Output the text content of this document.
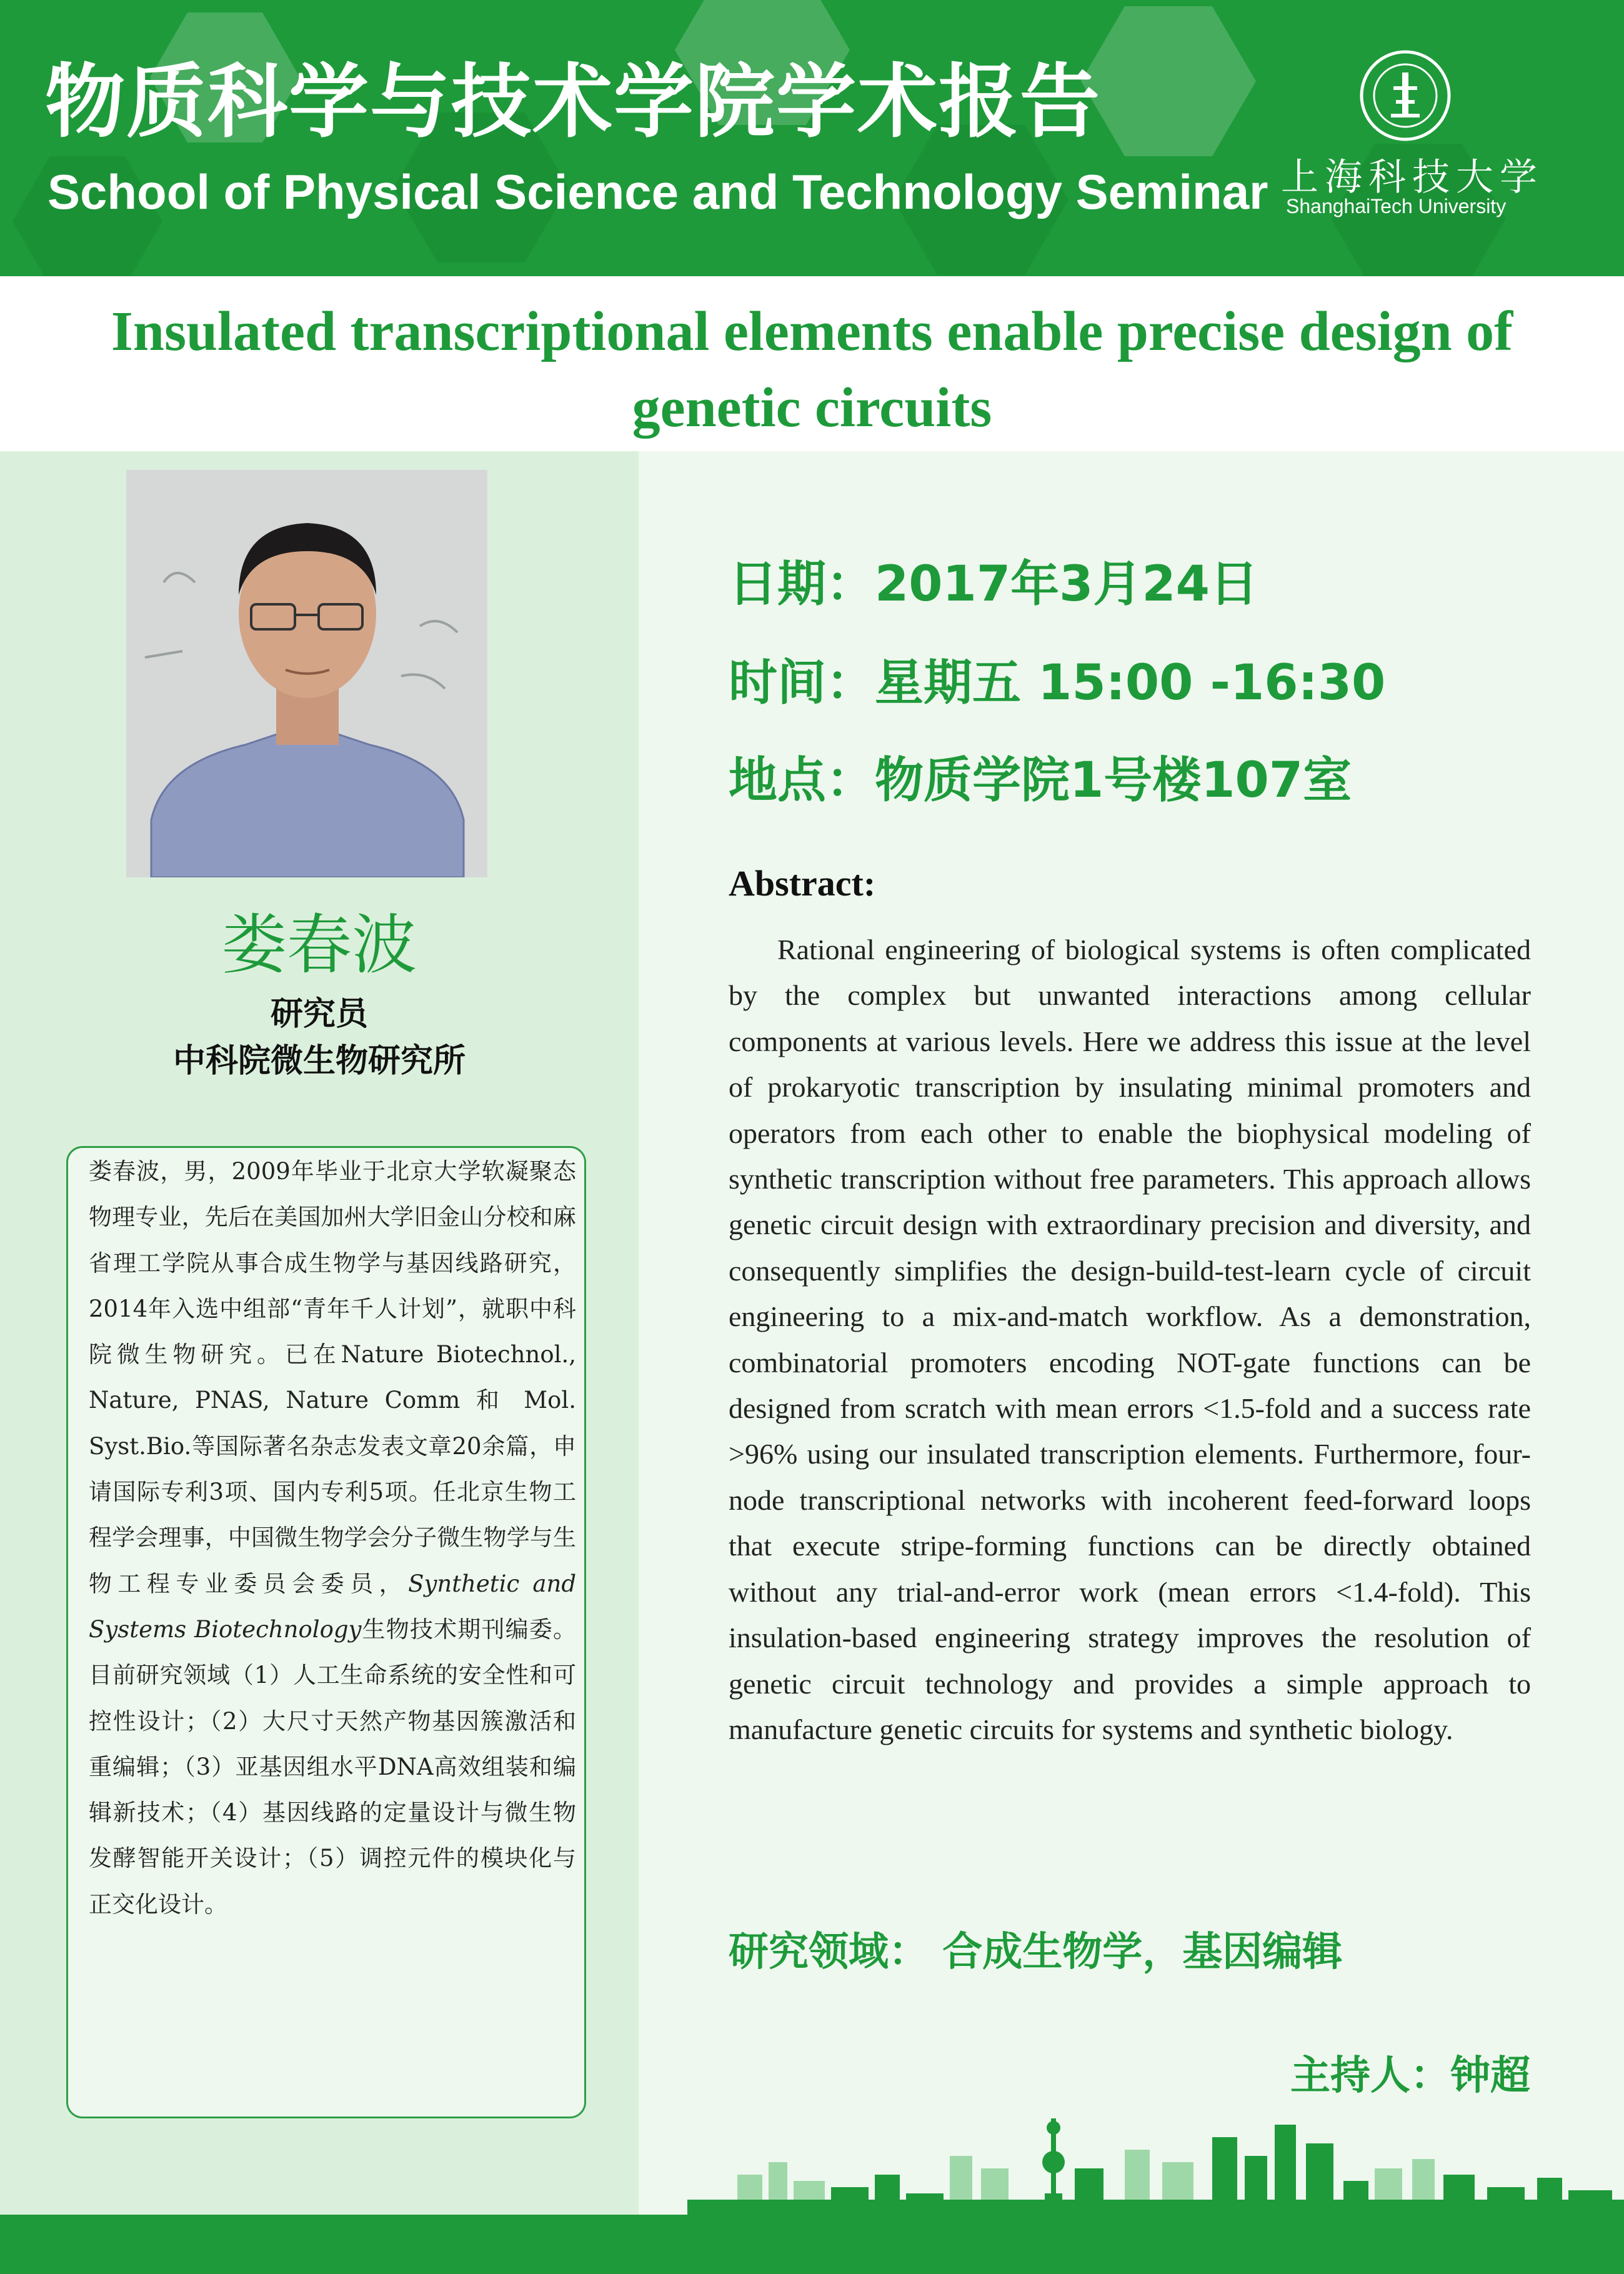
物质科学与技术学院学术报告
School of Physical Science and Technology Seminar 上海科技大学
ShanghaiTech University
Insulated transcriptional elements enable precise design of genetic circuits
娄春波
研究员
中科院微生物研究所
娄春波，男，2009年毕业于北京大学软凝聚态物理专业，先后在美国加州大学旧金山分校和麻省理工学院从事合成生物学与基因线路研究，2014年入选中组部“青年千人计划”，就职中科院微生物研究。已在Nature Biotechnol., Nature, PNAS, Nature Comm 和 Mol. Syst.Bio.等国际著名杂志发表文章20余篇，申请国际专利3项、国内专利5项。任北京生物工程学会理事，中国微生物学会分子微生物学与生物工程专业委员会委员，Synthetic and Systems Biotechnology生物技术期刊编委。目前研究领域（1）人工生命系统的安全性和可控性设计；（2）大尺寸天然产物基因簇激活和重编辑；（3）亚基因组水平DNA高效组装和编辑新技术；（4）基因线路的定量设计与微生物发酵智能开关设计；（5）调控元件的模块化与正交化设计。
日期：2017年3月24日
时间：星期五 15:00 -16:30
地点：物质学院1号楼107室
Abstract:

Rational engineering of biological systems is often complicated by the complex but unwanted interactions among cellular components at various levels. Here we address this issue at the level of prokaryotic transcription by insulating minimal promoters and operators from each other to enable the biophysical modeling of synthetic transcription without free parameters. This approach allows genetic circuit design with extraordinary precision and diversity, and consequently simplifies the design-build-test-learn cycle of circuit engineering to a mix-and-match workflow. As a demonstration, combinatorial promoters encoding NOT-gate functions can be designed from scratch with mean errors <1.5-fold and a success rate >96% using our insulated transcription elements. Furthermore, four-node transcriptional networks with incoherent feed-forward loops that execute stripe-forming functions can be directly obtained without any trial-and-error work (mean errors <1.4-fold). This insulation-based engineering strategy improves the resolution of genetic circuit technology and provides a simple approach to manufacture genetic circuits for systems and synthetic biology.

研究领域： 合成生物学，基因编辑
主持人：钟超
